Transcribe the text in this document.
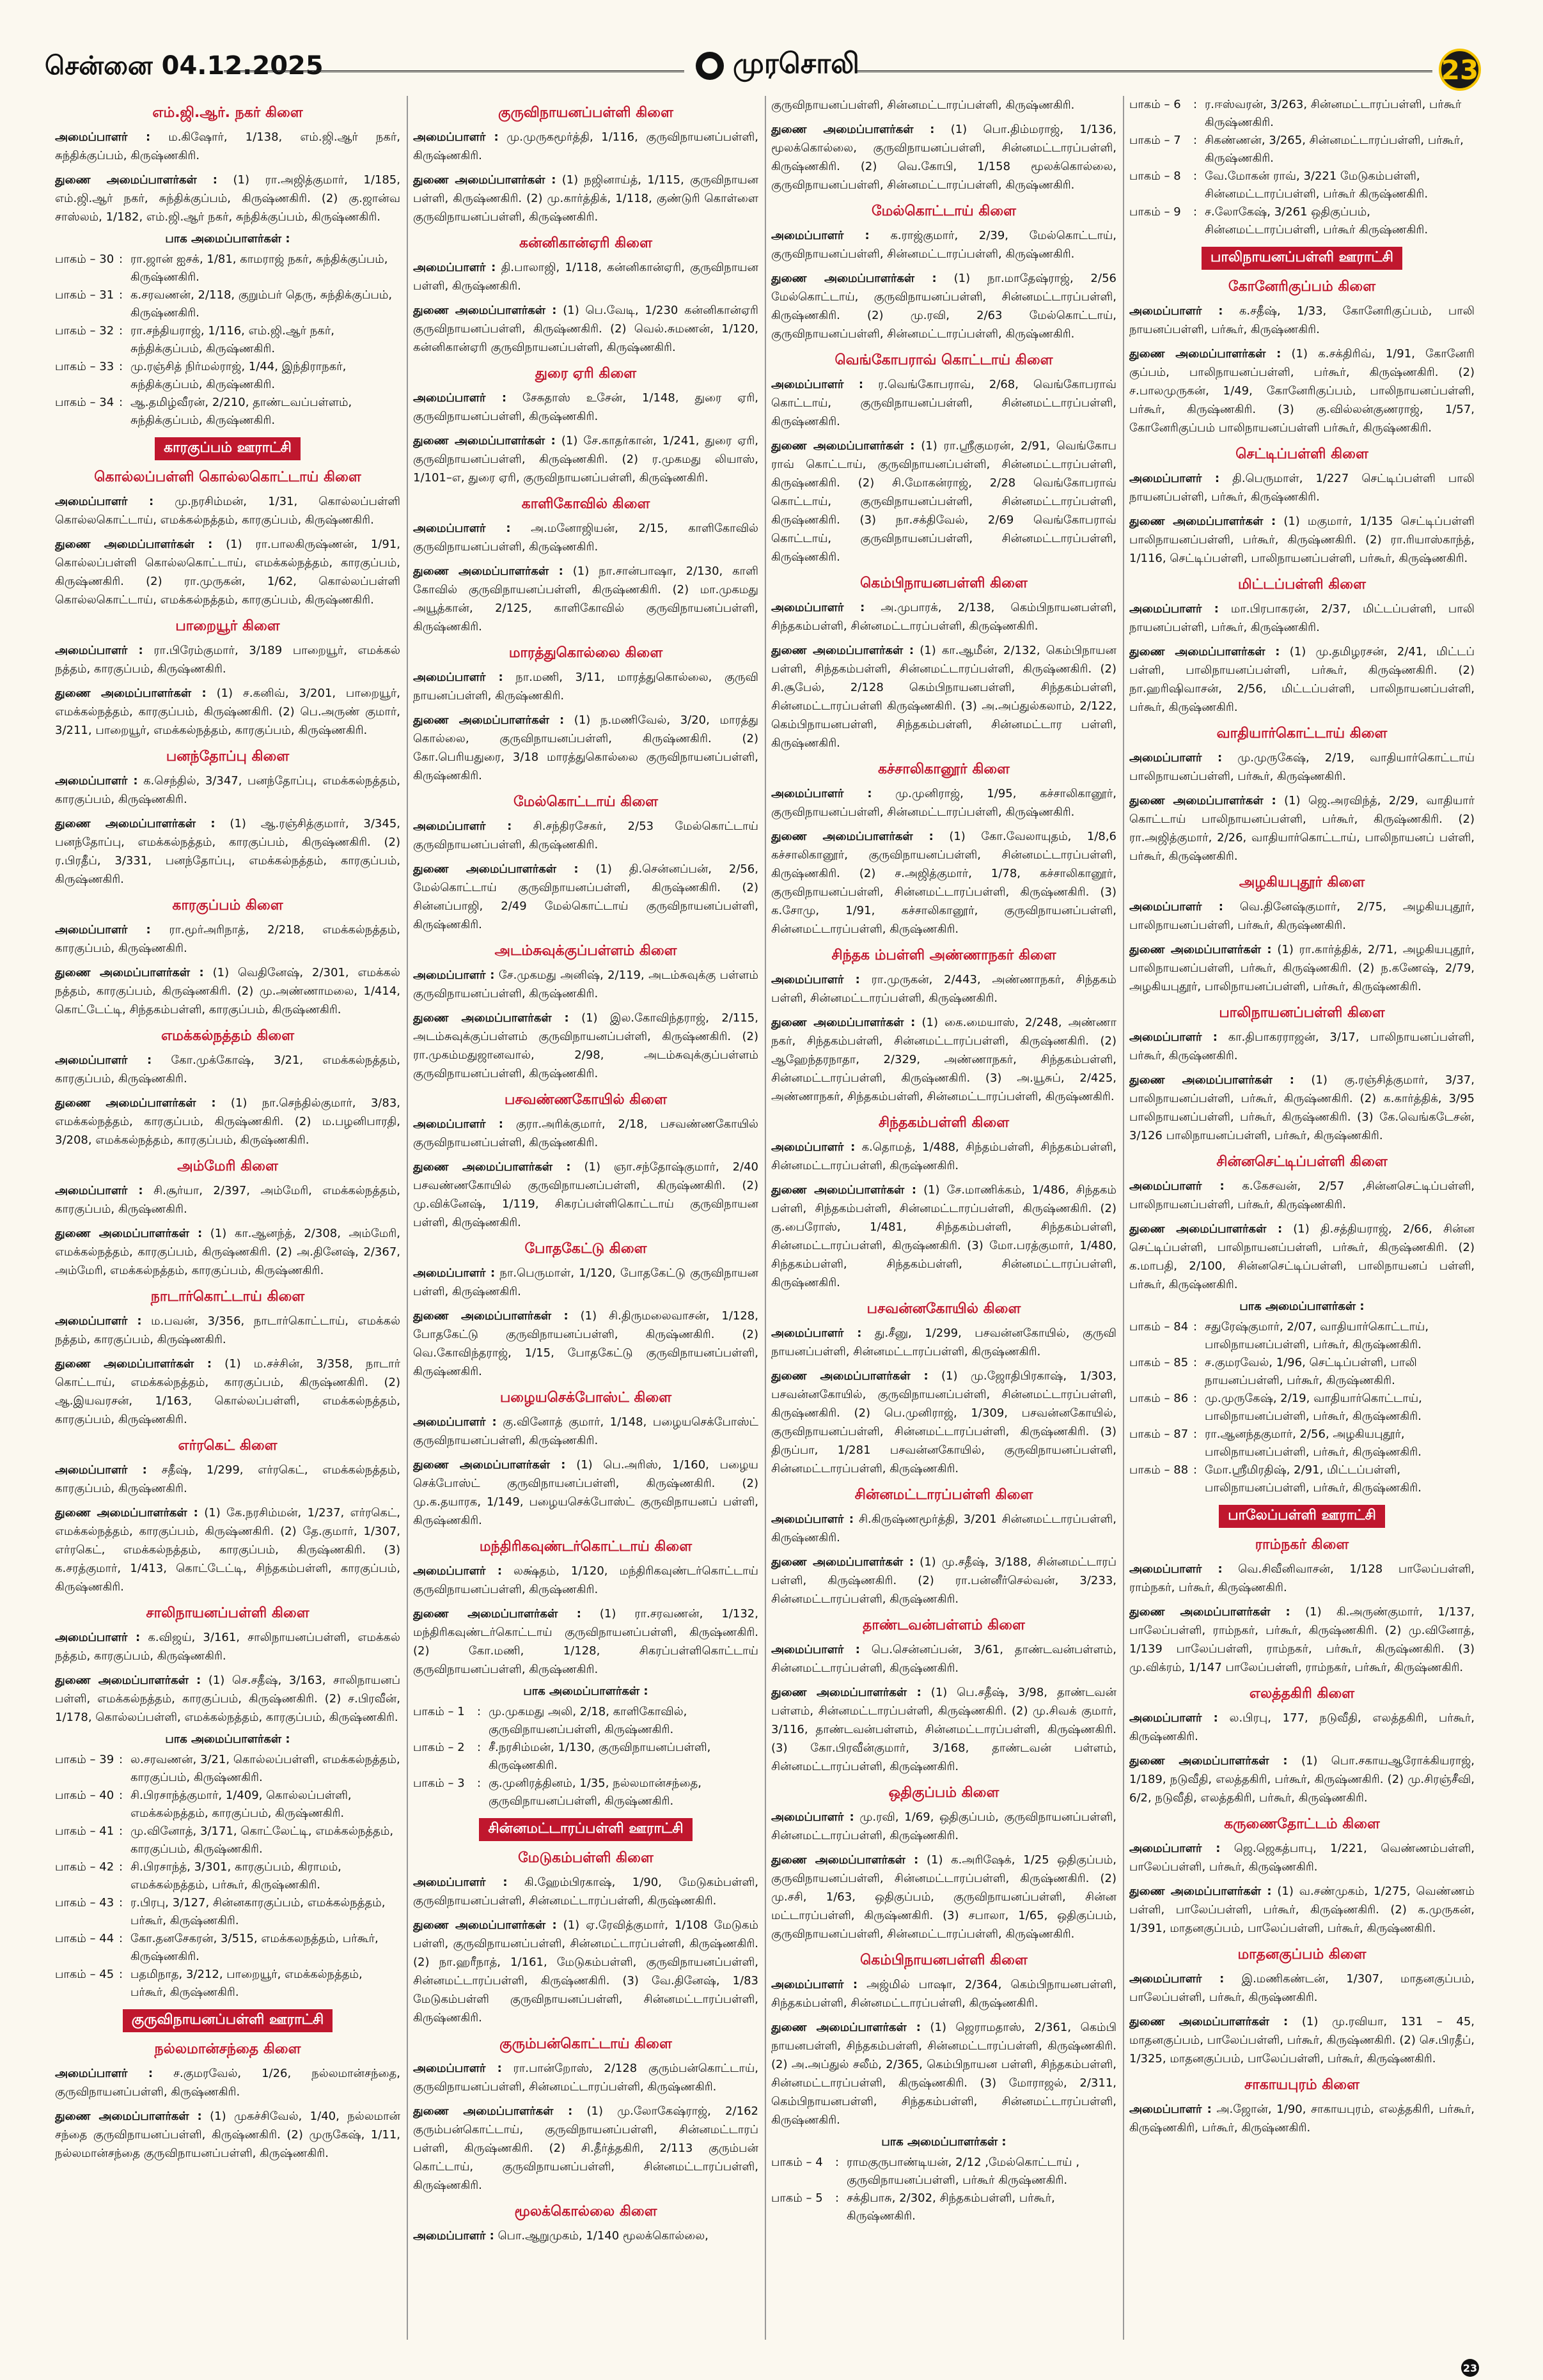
சென்னை 04.12.2025	முரசொலி	23
எம்.ஜி.ஆர். நகர் கிளை

அமைப்பாளர் : ம.கிஷோர், 1/138, எம்.ஜி.ஆர் நகர், சுந்திக்குப்பம், கிருஷ்ணகிரி.

துணை அமைப்பாளர்கள் : (1) ரா.அஜித்குமார், 1/185, எம்.ஜி.ஆர் நகர், சுந்திக்குப்பம், கிருஷ்ணகிரி. (2) கு.ஜான்வ சாஸ்லம், 1/182, எம்.ஜி.ஆர் நகர், சுந்திக்குப்பம், கிருஷ்ணகிரி.

பாக அமைப்பாளர்கள் :
பாகம் – 30	:	ரா.ஜான் ஐசக், 1/81, காமராஜ் நகர், சுந்திக்குப்பம், கிருஷ்ணகிரி.
பாகம் – 31	:	க.சரவணன், 2/118, குறும்பர் தெரு, சுந்திக்குப்பம், கிருஷ்ணகிரி.
பாகம் – 32	:	ரா.சந்தியராஜ், 1/116, எம்.ஜி.ஆர் நகர், சுந்திக்குப்பம், கிருஷ்ணகிரி.
பாகம் – 33	:	மு.ரஞ்சித் நிர்மல்ராஜ், 1/44, இந்திராநகர், சுந்திக்குப்பம், கிருஷ்ணகிரி.
பாகம் – 34	:	ஆ.தமிழ்வீரன், 2/210, தாண்டவப்பள்ளம், சுந்திக்குப்பம், கிருஷ்ணகிரி.
காரகுப்பம் ஊராட்சி
கொல்லப்பள்ளி கொல்லகொட்டாய் கிளை

அமைப்பாளர் : மு.நரசிம்மன், 1/31, கொல்லப்பள்ளி கொல்லகொட்டாய், எமக்கல்நத்தம், காரகுப்பம், கிருஷ்ணகிரி.

துணை அமைப்பாளர்கள் : (1) ரா.பாலகிருஷ்ணன், 1/91, கொல்லப்பள்ளி கொல்லகொட்டாய், எமக்கல்நத்தம், காரகுப்பம், கிருஷ்ணகிரி. (2) ரா.முருகன், 1/62, கொல்லப்பள்ளி கொல்லகொட்டாய், எமக்கல்நத்தம், காரகுப்பம், கிருஷ்ணகிரி.

பாறையூர் கிளை

அமைப்பாளர் : ரா.பிரேம்குமார், 3/189 பாறையூர், எமக்கல் நத்தம், காரகுப்பம், கிருஷ்ணகிரி.

துணை அமைப்பாளர்கள் : (1) ச.கனிவ், 3/201, பாறையூர், எமக்கல்நத்தம், காரகுப்பம், கிருஷ்ணகிரி. (2) பெ.அருண் குமார், 3/211, பாறையூர், எமக்கல்நத்தம், காரகுப்பம், கிருஷ்ணகிரி.

பனந்தோப்பு கிளை

அமைப்பாளர் : க.செந்தில், 3/347, பனந்தோப்பு, எமக்கல்நத்தம், காரகுப்பம், கிருஷ்ணகிரி.

துணை அமைப்பாளர்கள் : (1) ஆ.ரஞ்சித்குமார், 3/345, பனந்தோப்பு, எமக்கல்நத்தம், காரகுப்பம், கிருஷ்ணகிரி. (2) ர.பிரதீப், 3/331, பனந்தோப்பு, எமக்கல்நத்தம், காரகுப்பம், கிருஷ்ணகிரி.

காரகுப்பம் கிளை

அமைப்பாளர் : ரா.மூர்அரிநாத், 2/218, எமக்கல்நத்தம், காரகுப்பம், கிருஷ்ணகிரி.

துணை அமைப்பாளர்கள் : (1) வெதினேஷ், 2/301, எமக்கல் நத்தம், காரகுப்பம், கிருஷ்ணகிரி. (2) மு.அண்ணாமலை, 1/414, கொட்டேட்டி, சிந்தகம்பள்ளி, காரகுப்பம், கிருஷ்ணகிரி.

எமக்கல்நத்தம் கிளை

அமைப்பாளர் : கோ.முக்கோஷ், 3/21, எமக்கல்நத்தம், காரகுப்பம், கிருஷ்ணகிரி.

துணை அமைப்பாளர்கள் : (1) நா.செந்தில்குமார், 3/83, எமக்கல்நத்தம், காரகுப்பம், கிருஷ்ணகிரி. (2) ம.பழனிபாரதி, 3/208, எமக்கல்நத்தம், காரகுப்பம், கிருஷ்ணகிரி.

அம்மேரி கிளை

அமைப்பாளர் : சி.சூர்யா, 2/397, அம்மேரி, எமக்கல்நத்தம், காரகுப்பம், கிருஷ்ணகிரி.

துணை அமைப்பாளர்கள் : (1) கா.ஆனந்த், 2/308, அம்மேரி, எமக்கல்நத்தம், காரகுப்பம், கிருஷ்ணகிரி. (2) அ.தினேஷ், 2/367, அம்மேரி, எமக்கல்நத்தம், காரகுப்பம், கிருஷ்ணகிரி.

நாடார்கொட்டாய் கிளை

அமைப்பாளர் : ம.பவன், 3/356, நாடார்கொட்டாய், எமக்கல் நத்தம், காரகுப்பம், கிருஷ்ணகிரி.

துணை அமைப்பாளர்கள் : (1) ம.சச்சின், 3/358, நாடார் கொட்டாய், எமக்கல்நத்தம், காரகுப்பம், கிருஷ்ணகிரி. (2) ஆ.இயவரசன், 1/163, கொல்லப்பள்ளி, எமக்கல்நத்தம், காரகுப்பம், கிருஷ்ணகிரி.

எர்ரகெட் கிளை

அமைப்பாளர் : சதீஷ், 1/299, எர்ரகெட், எமக்கல்நத்தம், காரகுப்பம், கிருஷ்ணகிரி.

துணை அமைப்பாளர்கள் : (1) கே.நரசிம்மன், 1/237, எர்ரகெட், எமக்கல்நத்தம், காரகுப்பம், கிருஷ்ணகிரி. (2) தே.குமார், 1/307, எர்ரகெட், எமக்கல்நத்தம், காரகுப்பம், கிருஷ்ணகிரி. (3) க.சரத்குமார், 1/413, கொட்டேட்டி, சிந்தகம்பள்ளி, காரகுப்பம், கிருஷ்ணகிரி.

சாலிநாயனப்பள்ளி கிளை

அமைப்பாளர் : க.விஜய், 3/161, சாலிநாயனப்பள்ளி, எமக்கல் நத்தம், காரகுப்பம், கிருஷ்ணகிரி.

துணை அமைப்பாளர்கள் : (1) செ.சதீஷ், 3/163, சாலிநாயனப் பள்ளி, எமக்கல்நத்தம், காரகுப்பம், கிருஷ்ணகிரி. (2) ச.பிரவீன், 1/178, கொல்லப்பள்ளி, எமக்கல்நத்தம், காரகுப்பம், கிருஷ்ணகிரி.

பாக அமைப்பாளர்கள் :
பாகம் – 39	:	ல.சரவணன், 3/21, கொல்லப்பள்ளி, எமக்கல்நத்தம், காரகுப்பம், கிருஷ்ணகிரி.
பாகம் – 40	:	சி.பிரசாந்த்குமார், 1/409, கொல்லப்பள்ளி, எமக்கல்நத்தம், காரகுப்பம், கிருஷ்ணகிரி.
பாகம் – 41	:	மு.வினோத், 3/171, கொட்லேட்டி, எமக்கல்நத்தம், காரகுப்பம், கிருஷ்ணகிரி.
பாகம் – 42	:	சி.பிரசாந்த், 3/301, காரகுப்பம், கிராமம், எமக்கல்நத்தம், பர்கூர், கிருஷ்ணகிரி.
பாகம் – 43	:	ர.பிரபு, 3/127, சின்னகாரகுப்பம், எமக்கல்நத்தம், பர்கூர், கிருஷ்ணகிரி.
பாகம் – 44	:	கோ.தனசேகரன், 3/515, எமக்கலநத்தம், பர்கூர், கிருஷ்ணகிரி.
பாகம் – 45	:	பதமிநாத, 3/212, பாறையூர், எமக்கல்நத்தம், பர்கூர், கிருஷ்ணகிரி.
குருவிநாயனப்பள்ளி ஊராட்சி
நல்லமான்சந்தை கிளை

அமைப்பாளர் : ச.குமரவேல், 1/26, நல்லமான்சந்தை, குருவிநாயனப்பள்ளி, கிருஷ்ணகிரி.

துணை அமைப்பாளர்கள் : (1) முகச்சிவேல், 1/40, நல்லமான் சந்தை குருவிநாயனப்பள்ளி, கிருஷ்ணகிரி. (2) முருகேஷ், 1/11, நல்லமான்சந்தை குருவிநாயனப்பள்ளி, கிருஷ்ணகிரி.

குருவிநாயனப்பள்ளி கிளை

அமைப்பாளர் : மு.முருகமூர்த்தி, 1/116, குருவிநாயனப்பள்ளி, கிருஷ்ணகிரி.

துணை அமைப்பாளர்கள் : (1) நஜினாய்த், 1/115, குருவிநாயன பள்ளி, கிருஷ்ணகிரி. (2) மு.கார்த்திக், 1/118, குண்டுரி கொள்ளை குருவிநாயனப்பள்ளி, கிருஷ்ணகிரி.

கன்னிகான்ஏரி கிளை

அமைப்பாளர் : தி.பாலாஜி, 1/118, கன்னிகான்ஏரி, குருவிநாயன பள்ளி, கிருஷ்ணகிரி.

துணை அமைப்பாளர்கள் : (1) பெ.வேடி, 1/230 கன்னிகான்ஏரி குருவிநாயனப்பள்ளி, கிருஷ்ணகிரி. (2) வெல்.சுமணன், 1/120, கன்னிகான்ஏரி குருவிநாயனப்பள்ளி, கிருஷ்ணகிரி.

துரை ஏரி கிளை

அமைப்பாளர் : சேசுதாஸ் உசேன், 1/148, துரை ஏரி, குருவிநாயனப்பள்ளி, கிருஷ்ணகிரி.

துணை அமைப்பாளர்கள் : (1) சே.காதர்கான், 1/241, துரை ஏரி, குருவிநாயனப்பள்ளி, கிருஷ்ணகிரி. (2) ர.முகமது லியாஸ், 1/101–எ, துரை ஏரி, குருவிநாயனப்பள்ளி, கிருஷ்ணகிரி.

காளிகோவில் கிளை

அமைப்பாளர் : அ.மனோஜியன், 2/15, காளிகோவில் குருவிநாயனப்பள்ளி, கிருஷ்ணகிரி.

துணை அமைப்பாளர்கள் : (1) நா.சான்பாஷா, 2/130, காளி கோவில் குருவிநாயனப்பள்ளி, கிருஷ்ணகிரி. (2) மா.முகமது அயூத்கான், 2/125, காளிகோவில் குருவிநாயனப்பள்ளி, கிருஷ்ணகிரி.

மாரத்துகொல்லை கிளை

அமைப்பாளர் : நா.மணி, 3/11, மாரத்துகொல்லை, குருவி நாயனப்பள்ளி, கிருஷ்ணகிரி.

துணை அமைப்பாளர்கள் : (1) ந.மணிவேல், 3/20, மாரத்து கொல்லை, குருவிநாயனப்பள்ளி, கிருஷ்ணகிரி. (2) கோ.பெரியதுரை, 3/18 மாரத்துகொல்லை குருவிநாயனப்பள்ளி, கிருஷ்ணகிரி.

மேல்கொட்டாய் கிளை

அமைப்பாளர் : சி.சந்திரசேகர், 2/53 மேல்கொட்டாய் குருவிநாயனப்பள்ளி, கிருஷ்ணகிரி.

துணை அமைப்பாளர்கள் : (1) தி.சென்னப்பன், 2/56, மேல்கொட்டாய் குருவிநாயனப்பள்ளி, கிருஷ்ணகிரி. (2) சின்னப்பாஜி, 2/49 மேல்கொட்டாய் குருவிநாயனப்பள்ளி, கிருஷ்ணகிரி.

அடம்சுவுக்குப்பள்ளம் கிளை

அமைப்பாளர் : சே.முகமது அனிஷ், 2/119, அடம்சுவுக்கு பள்ளம் குருவிநாயனப்பள்ளி, கிருஷ்ணகிரி.

துணை அமைப்பாளர்கள் : (1) இல.கோவிந்தராஜ், 2/115, அடம்சுவுக்குப்பள்ளம் குருவிநாயனப்பள்ளி, கிருஷ்ணகிரி. (2) ரா.முகம்மதுஜானவால், 2/98, அடம்சுவுக்குப்பள்ளம் குருவிநாயனப்பள்ளி, கிருஷ்ணகிரி.

பசவண்ணகோயில் கிளை

அமைப்பாளர் : குரா.அரிக்குமார், 2/18, பசவண்ணகோயில் குருவிநாயனப்பள்ளி, கிருஷ்ணகிரி.

துணை அமைப்பாளர்கள் : (1) ஞா.சந்தோஷ்குமார், 2/40 பசவண்ணகோயில் குருவிநாயனப்பள்ளி, கிருஷ்ணகிரி. (2) மு.விக்னேஷ், 1/119, சிகரப்பள்ளிகொட்டாய் குருவிநாயன பள்ளி, கிருஷ்ணகிரி.

போதகேட்டு கிளை

அமைப்பாளர் : நா.பெருமாள், 1/120, போதகேட்டு குருவிநாயன பள்ளி, கிருஷ்ணகிரி.

துணை அமைப்பாளர்கள் : (1) சி.திருமலைவாசன், 1/128, போதகேட்டு குருவிநாயனப்பள்ளி, கிருஷ்ணகிரி. (2) வெ.கோவிந்தராஜ், 1/15, போதகேட்டு குருவிநாயனப்பள்ளி, கிருஷ்ணகிரி.

பழையசெக்போஸ்ட் கிளை

அமைப்பாளர் : கு.வினோத் குமார், 1/148, பழையசெக்போஸ்ட் குருவிநாயனப்பள்ளி, கிருஷ்ணகிரி.

துணை அமைப்பாளர்கள் : (1) பெ.அரிஸ், 1/160, பழைய செக்போஸ்ட் குருவிநாயனப்பள்ளி, கிருஷ்ணகிரி. (2) மு.க.தயாரக, 1/149, பழையசெக்போஸ்ட் குருவிநாயனப் பள்ளி, கிருஷ்ணகிரி.

மந்திரிகவுண்டர்கொட்டாய் கிளை

அமைப்பாளர் : லக்ஷ்தம், 1/120, மந்திரிகவுண்டர்கொட்டாய் குருவிநாயனப்பள்ளி, கிருஷ்ணகிரி.

துணை அமைப்பாளர்கள் : (1) ரா.சரவணன், 1/132, மந்திரிகவுண்டர்கொட்டாய் குருவிநாயனப்பள்ளி, கிருஷ்ணகிரி. (2) கோ.மணி, 1/128, சிகரப்பள்ளிகொட்டாய் குருவிநாயனப்பள்ளி, கிருஷ்ணகிரி.

பாக அமைப்பாளர்கள் :
பாகம் – 1	:	மு.முகமது அலி, 2/18, காளிகோவில், குருவிநாயனப்பள்ளி, கிருஷ்ணகிரி.
பாகம் – 2	:	சீ.நரசிம்மன், 1/130, குருவிநாயனப்பள்ளி, கிருஷ்ணகிரி.
பாகம் – 3	:	கு.முனிரத்தினம், 1/35, நல்லமான்சந்தை, குருவிநாயனப்பள்ளி, கிருஷ்ணகிரி.
சின்னமட்டாரப்பள்ளி ஊராட்சி
மேடுகம்பள்ளி கிளை

அமைப்பாளர் : கி.ஹேம்பிரகாஷ், 1/90, மேடுகம்பள்ளி, குருவிநாயனப்பள்ளி, சின்னமட்டாரப்பள்ளி, கிருஷ்ணகிரி.

துணை அமைப்பாளர்கள் : (1) ஏ.ரேவித்குமார், 1/108 மேடுகம் பள்ளி, குருவிநாயனப்பள்ளி, சின்னமட்டாரப்பள்ளி, கிருஷ்ணகிரி. (2) நா.ஹரீநாத், 1/161, மேடுகம்பள்ளி, குருவிநாயனப்பள்ளி, சின்னமட்டாரப்பள்ளி, கிருஷ்ணகிரி. (3) வே.தினேஷ், 1/83 மேடுகம்பள்ளி குருவிநாயனப்பள்ளி, சின்னமட்டாரப்பள்ளி, கிருஷ்ணகிரி.

குரும்பன்கொட்டாய் கிளை

அமைப்பாளர் : ரா.பான்றோஸ், 2/128 குரும்பன்கொட்டாய், குருவிநாயனப்பள்ளி, சின்னமட்டாரப்பள்ளி, கிருஷ்ணகிரி.

துணை அமைப்பாளர்கள் : (1) மு.லோகேஷ்ராஜ், 2/162 குரும்பன்கொட்டாய், குருவிநாயனப்பள்ளி, சின்னமட்டாரப் பள்ளி, கிருஷ்ணகிரி. (2) சி.தீர்த்தகிரி, 2/113 குரும்பன் கொட்டாய், குருவிநாயனப்பள்ளி, சின்னமட்டாரப்பள்ளி, கிருஷ்ணகிரி.

மூலக்கொல்லை கிளை

அமைப்பாளர் : பொ.ஆறுமுகம், 1/140 மூலக்கொல்லை,

குருவிநாயனப்பள்ளி, சின்னமட்டாரப்பள்ளி, கிருஷ்ணகிரி.

துணை அமைப்பாளர்கள் : (1) பொ.திம்மராஜ், 1/136, மூலக்கொல்லை, குருவிநாயனப்பள்ளி, சின்னமட்டாரப்பள்ளி, கிருஷ்ணகிரி. (2) வெ.கோபி, 1/158 மூலக்கொல்லை, குருவிநாயனப்பள்ளி, சின்னமட்டாரப்பள்ளி, கிருஷ்ணகிரி.

மேல்கொட்டாய் கிளை

அமைப்பாளர் : க.ராஜ்குமார், 2/39, மேல்கொட்டாய், குருவிநாயனப்பள்ளி, சின்னமட்டாரப்பள்ளி, கிருஷ்ணகிரி.

துணை அமைப்பாளர்கள் : (1) நா.மாதேஷ்ராஜ், 2/56 மேல்கொட்டாய், குருவிநாயனப்பள்ளி, சின்னமட்டாரப்பள்ளி, கிருஷ்ணகிரி. (2) மு.ரவி, 2/63 மேல்கொட்டாய், குருவிநாயனப்பள்ளி, சின்னமட்டாரப்பள்ளி, கிருஷ்ணகிரி.

வெங்கோபராவ் கொட்டாய் கிளை

அமைப்பாளர் : ர.வெங்கோபராவ், 2/68, வெங்கோபராவ் கொட்டாய், குருவிநாயனப்பள்ளி, சின்னமட்டாரப்பள்ளி, கிருஷ்ணகிரி.

துணை அமைப்பாளர்கள் : (1) ரா.ஸ்ரீகுமரன், 2/91, வெங்கோப ராவ் கொட்டாய், குருவிநாயனப்பள்ளி, சின்னமட்டாரப்பள்ளி, கிருஷ்ணகிரி. (2) சி.மோகன்ராஜ், 2/28 வெங்கோபராவ் கொட்டாய், குருவிநாயனப்பள்ளி, சின்னமட்டாரப்பள்ளி, கிருஷ்ணகிரி. (3) நா.சக்திவேல், 2/69 வெங்கோபராவ் கொட்டாய், குருவிநாயனப்பள்ளி, சின்னமட்டாரப்பள்ளி, கிருஷ்ணகிரி.

கெம்பிநாயனபள்ளி கிளை

அமைப்பாளர் : அ.முபாரக், 2/138, கெம்பிநாயனபள்ளி, சிந்தகம்பள்ளி, சின்னமட்டாரப்பள்ளி, கிருஷ்ணகிரி.

துணை அமைப்பாளர்கள் : (1) கா.ஆமீன், 2/132, கெம்பிநாயன பள்ளி, சிந்தகம்பள்ளி, சின்னமட்டாரப்பள்ளி, கிருஷ்ணகிரி. (2) சி.சூபேல், 2/128 கெம்பிநாயனபள்ளி, சிந்தகம்பள்ளி, சின்னமட்டாரப்பள்ளி கிருஷ்ணகிரி. (3) அ.அப்துல்கலாம், 2/122, கெம்பிநாயனபள்ளி, சிந்தகம்பள்ளி, சின்னமட்டார பள்ளி, கிருஷ்ணகிரி.

கச்சாலிகானூர் கிளை

அமைப்பாளர் : மு.முனிராஜ், 1/95, கச்சாலிகானூர், குருவிநாயனப்பள்ளி, சின்னமட்டாரப்பள்ளி, கிருஷ்ணகிரி.

துணை அமைப்பாளர்கள் : (1) கோ.வேலாயுதம், 1/8,6 கச்சாலிகானூர், குருவிநாயனப்பள்ளி, சின்னமட்டாரப்பள்ளி, கிருஷ்ணகிரி. (2) ச.அஜித்குமார், 1/78, கச்சாலிகானூர், குருவிநாயனப்பள்ளி, சின்னமட்டாரப்பள்ளி, கிருஷ்ணகிரி. (3) க.சோமு, 1/91, கச்சாலிகானூர், குருவிநாயனப்பள்ளி, சின்னமட்டாரப்பள்ளி, கிருஷ்ணகிரி.

சிந்தக ம்பள்ளி அண்ணாநகர் கிளை

அமைப்பாளர் : ரா.முருகன், 2/443, அண்ணாநகர், சிந்தகம் பள்ளி, சின்னமட்டாரப்பள்ளி, கிருஷ்ணகிரி.

துணை அமைப்பாளர்கள் : (1) கை.மையாஸ், 2/248, அண்ணா நகர், சிந்தகம்பள்ளி, சின்னமட்டாரப்பள்ளி, கிருஷ்ணகிரி. (2) ஆஹேந்தரநாதா, 2/329, அண்ணாநகர், சிந்தகம்பள்ளி, சின்னமட்டாரப்பள்ளி, கிருஷ்ணகிரி. (3) அ.யூசுப், 2/425, அண்ணாநகர், சிந்தகம்பள்ளி, சின்னமட்டாரப்பள்ளி, கிருஷ்ணகிரி.

சிந்தகம்பள்ளி கிளை

அமைப்பாளர் : க.தொமத், 1/488, சிந்தம்பள்ளி, சிந்தகம்பள்ளி, சின்னமட்டாரப்பள்ளி, கிருஷ்ணகிரி.

துணை அமைப்பாளர்கள் : (1) சே.மாணிக்கம், 1/486, சிந்தகம் பள்ளி, சிந்தகம்பள்ளி, சின்னமட்டாரப்பள்ளி, கிருஷ்ணகிரி. (2) கு.பைரோஸ், 1/481, சிந்தகம்பள்ளி, சிந்தகம்பள்ளி, சின்னமட்டாரப்பள்ளி, கிருஷ்ணகிரி. (3) மோ.பரத்குமார், 1/480, சிந்தகம்பள்ளி, சிந்தகம்பள்ளி, சின்னமட்டாரப்பள்ளி, கிருஷ்ணகிரி.

பசவன்னகோயில் கிளை

அமைப்பாளர் : து.சீனு, 1/299, பசவன்னகோயில், குருவி நாயனப்பள்ளி, சின்னமட்டாரப்பள்ளி, கிருஷ்ணகிரி.

துணை அமைப்பாளர்கள் : (1) மு.ஜோதிபிரகாஷ், 1/303, பசவன்னகோயில், குருவிநாயனப்பள்ளி, சின்னமட்டாரப்பள்ளி, கிருஷ்ணகிரி. (2) பெ.முனிராஜ், 1/309, பசவன்னகோயில், குருவிநாயனப்பள்ளி, சின்னமட்டாரப்பள்ளி, கிருஷ்ணகிரி. (3) திருப்பா, 1/281 பசவன்னகோயில், குருவிநாயனப்பள்ளி, சின்னமட்டாரப்பள்ளி, கிருஷ்ணகிரி.

சின்னமட்டாரப்பள்ளி கிளை

அமைப்பாளர் : சி.கிருஷ்ணமூர்த்தி, 3/201 சின்னமட்டாரப்பள்ளி, கிருஷ்ணகிரி.

துணை அமைப்பாளர்கள் : (1) மு.சதீஷ், 3/188, சின்னமட்டாரப் பள்ளி, கிருஷ்ணகிரி. (2) ரா.பன்னீர்செல்வன், 3/233, சின்னமட்டாரப்பள்ளி, கிருஷ்ணகிரி.

தாண்டவன்பள்ளம் கிளை

அமைப்பாளர் : பெ.சென்னப்பன், 3/61, தாண்டவன்பள்ளம், சின்னமட்டாரப்பள்ளி, கிருஷ்ணகிரி.

துணை அமைப்பாளர்கள் : (1) பெ.சதீஷ், 3/98, தாண்டவன் பள்ளம், சின்னமட்டாரப்பள்ளி, கிருஷ்ணகிரி. (2) மு.சிவக் குமார், 3/116, தாண்டவன்பள்ளம், சின்னமட்டாரப்பள்ளி, கிருஷ்ணகிரி. (3) கோ.பிரவீன்குமார், 3/168, தாண்டவன் பள்ளம், சின்னமட்டாரப்பள்ளி, கிருஷ்ணகிரி.

ஒதிகுப்பம் கிளை

அமைப்பாளர் : மு.ரவி, 1/69, ஒதிகுப்பம், குருவிநாயனப்பள்ளி, சின்னமட்டாரப்பள்ளி, கிருஷ்ணகிரி.

துணை அமைப்பாளர்கள் : (1) க.அரிஷேக், 1/25 ஒதிகுப்பம், குருவிநாயனப்பள்ளி, சின்னமட்டாரப்பள்ளி, கிருஷ்ணகிரி. (2) மு.சசி, 1/63, ஒதிகுப்பம், குருவிநாயனப்பள்ளி, சின்ன மட்டாரப்பள்ளி, கிருஷ்ணகிரி. (3) சபாலா, 1/65, ஒதிகுப்பம், குருவிநாயனப்பள்ளி, சின்னமட்டாரப்பள்ளி, கிருஷ்ணகிரி.

கெம்பிநாயனபள்ளி கிளை

அமைப்பாளர் : அஜ்மில் பாஷா, 2/364, கெம்பிநாயனபள்ளி, சிந்தகம்பள்ளி, சின்னமட்டாரப்பள்ளி, கிருஷ்ணகிரி.

துணை அமைப்பாளர்கள் : (1) ஜெராமதாஸ், 2/361, கெம்பி நாயனபள்ளி, சிந்தகம்பள்ளி, சின்னமட்டாரப்பள்ளி, கிருஷ்ணகிரி. (2) அ.அப்துல் சலீம், 2/365, கெம்பிநாயன பள்ளி, சிந்தகம்பள்ளி, சின்னமட்டாரப்பள்ளி, கிருஷ்ணகிரி. (3) மோராஜல், 2/311, கெம்பிநாயனபள்ளி, சிந்தகம்பள்ளி, சின்னமட்டாரப்பள்ளி, கிருஷ்ணகிரி.

பாக அமைப்பாளர்கள் :
பாகம் – 4	:	ராமகுருபாண்டியன், 2/12 ,மேல்கொட்டாய் , குருவிநாயனப்பள்ளி, பர்கூர் கிருஷ்ணகிரி.
பாகம் – 5	:	சக்திபாசு, 2/302, சிந்தகம்பள்ளி, பர்கூர், கிருஷ்ணகிரி.
பாகம் – 6	:	ர.ஈஸ்வரன், 3/263, சின்னமட்டாரப்பள்ளி, பர்கூர் கிருஷ்ணகிரி.
பாகம் – 7	:	சிகண்ணன், 3/265, சின்னமட்டாரப்பள்ளி, பர்கூர், கிருஷ்ணகிரி.
பாகம் – 8	:	வே.மோகன் ராவ், 3/221 மேடுகம்பள்ளி, சின்னமட்டாரப்பள்ளி, பர்கூர் கிருஷ்ணகிரி.
பாகம் – 9	:	ச.லோகேஷ், 3/261 ஒதிகுப்பம், சின்னமட்டாரப்பள்ளி, பர்கூர் கிருஷ்ணகிரி.
பாலிநாயனப்பள்ளி ஊராட்சி
கோனேரிகுப்பம் கிளை

அமைப்பாளர் : க.சதீஷ், 1/33, கோனேரிகுப்பம், பாலி நாயனப்பள்ளி, பர்கூர், கிருஷ்ணகிரி.

துணை அமைப்பாளர்கள் : (1) க.சக்திரிவ், 1/91, கோனேரி குப்பம், பாலிநாயனப்பள்ளி, பர்கூர், கிருஷ்ணகிரி. (2) ச.பாலமுருகன், 1/49, கோனேரிகுப்பம், பாலிநாயனப்பள்ளி, பர்கூர், கிருஷ்ணகிரி. (3) கு.வில்லன்குணராஜ், 1/57, கோனேரிகுப்பம் பாலிநாயனப்பள்ளி பர்கூர், கிருஷ்ணகிரி.

செட்டிப்பள்ளி கிளை

அமைப்பாளர் : தி.பெருமாள், 1/227 செட்டிப்பள்ளி பாலி நாயனப்பள்ளி, பர்கூர், கிருஷ்ணகிரி.

துணை அமைப்பாளர்கள் : (1) மகுமார், 1/135 செட்டிப்பள்ளி பாலிநாயனப்பள்ளி, பர்கூர், கிருஷ்ணகிரி. (2) ரா.ரியாஸ்காந்த், 1/116, செட்டிப்பள்ளி, பாலிநாயனப்பள்ளி, பர்கூர், கிருஷ்ணகிரி.

மிட்டப்பள்ளி கிளை

அமைப்பாளர் : மா.பிரபாகரன், 2/37, மிட்டப்பள்ளி, பாலி நாயனப்பள்ளி, பர்கூர், கிருஷ்ணகிரி.

துணை அமைப்பாளர்கள் : (1) மு.தமிழரசன், 2/41, மிட்டப் பள்ளி, பாலிநாயனப்பள்ளி, பர்கூர், கிருஷ்ணகிரி. (2) நா.ஹரிஷிவாசன், 2/56, மிட்டப்பள்ளி, பாலிநாயனப்பள்ளி, பர்கூர், கிருஷ்ணகிரி.

வாதியார்கொட்டாய் கிளை

அமைப்பாளர் : மு.முருகேஷ், 2/19, வாதியார்கொட்டாய் பாலிநாயனப்பள்ளி, பர்கூர், கிருஷ்ணகிரி.

துணை அமைப்பாளர்கள் : (1) ஜெ.அரவிந்த், 2/29, வாதியார் கொட்டாய் பாலிநாயனப்பள்ளி, பர்கூர், கிருஷ்ணகிரி. (2) ரா.அஜித்குமார், 2/26, வாதியார்கொட்டாய், பாலிநாயனப் பள்ளி, பர்கூர், கிருஷ்ணகிரி.

அழகியபுதூர் கிளை

அமைப்பாளர் : வெ.தினேஷ்குமார், 2/75, அழகியபுதூர், பாலிநாயனப்பள்ளி, பர்கூர், கிருஷ்ணகிரி.

துணை அமைப்பாளர்கள் : (1) ரா.கார்த்திக், 2/71, அழகியபுதூர், பாலிநாயனப்பள்ளி, பர்கூர், கிருஷ்ணகிரி. (2) ந.கணேஷ், 2/79, அழகியபுதூர், பாலிநாயனப்பள்ளி, பர்கூர், கிருஷ்ணகிரி.

பாலிநாயனப்பள்ளி கிளை

அமைப்பாளர் : கா.திபாகரராஜன், 3/17, பாலிநாயனப்பள்ளி, பர்கூர், கிருஷ்ணகிரி.

துணை அமைப்பாளர்கள் : (1) கு.ரஞ்சித்குமார், 3/37, பாலிநாயனப்பள்ளி, பர்கூர், கிருஷ்ணகிரி. (2) க.கார்த்திக், 3/95 பாலிநாயனப்பள்ளி, பர்கூர், கிருஷ்ணகிரி. (3) கே.வெங்கடேசன், 3/126 பாலிநாயனப்பள்ளி, பர்கூர், கிருஷ்ணகிரி.

சின்னசெட்டிப்பள்ளி கிளை

அமைப்பாளர் : க.கேசவன், 2/57 ,சின்னசெட்டிப்பள்ளி, பாலிநாயனப்பள்ளி, பர்கூர், கிருஷ்ணகிரி.

துணை அமைப்பாளர்கள் : (1) தி.சத்தியராஜ், 2/66, சின்ன செட்டிப்பள்ளி, பாலிநாயனப்பள்ளி, பர்கூர், கிருஷ்ணகிரி. (2) க.மாபதி, 2/100, சின்னசெட்டிப்பள்ளி, பாலிநாயனப் பள்ளி, பர்கூர், கிருஷ்ணகிரி.

பாக அமைப்பாளர்கள் :
பாகம் – 84	:	சதுரேஷ்குமார், 2/07, வாதியார்கொட்டாய், பாலிநாயனப்பள்ளி, பர்கூர், கிருஷ்ணகிரி.
பாகம் – 85	:	ச.குமரவேல், 1/96, செட்டிப்பள்ளி, பாலி நாயனப்பள்ளி, பர்கூர், கிருஷ்ணகிரி.
பாகம் – 86	:	மு.முருகேஷ், 2/19, வாதியார்கொட்டாய், பாலிநாயனப்பள்ளி, பர்கூர், கிருஷ்ணகிரி.
பாகம் – 87	:	ரா.ஆனந்தகுமார், 2/56, அழகியபுதூர், பாலிநாயனப்பள்ளி, பர்கூர், கிருஷ்ணகிரி.
பாகம் – 88	:	மோ.ஸ்ரீமிரதிஷ், 2/91, மிட்டப்பள்ளி, பாலிநாயனப்பள்ளி, பர்கூர், கிருஷ்ணகிரி.
பாலேப்பள்ளி ஊராட்சி
ராம்நகர் கிளை

அமைப்பாளர் : வெ.சிவீனிவாசன், 1/128 பாலேப்பள்ளி, ராம்நகர், பர்கூர், கிருஷ்ணகிரி.

துணை அமைப்பாளர்கள் : (1) கி.அருண்குமார், 1/137, பாலேப்பள்ளி, ராம்நகர், பர்கூர், கிருஷ்ணகிரி. (2) மு.வினோத், 1/139 பாலேப்பள்ளி, ராம்நகர், பர்கூர், கிருஷ்ணகிரி. (3) மு.விக்ரம், 1/147 பாலேப்பள்ளி, ராம்நகர், பர்கூர், கிருஷ்ணகிரி.

எலத்தகிரி கிளை

அமைப்பாளர் : ல.பிரபு, 177, நடுவீதி, எலத்தகிரி, பர்கூர், கிருஷ்ணகிரி.

துணை அமைப்பாளர்கள் : (1) பொ.சகாயஆரோக்கியராஜ், 1/189, நடுவீதி, எலத்தகிரி, பர்கூர், கிருஷ்ணகிரி. (2) மு.சிரஞ்சீவி, 6/2, நடுவீதி, எலத்தகிரி, பர்கூர், கிருஷ்ணகிரி.

கருணைதோட்டம் கிளை

அமைப்பாளர் : ஜெ.ஜெகத்பாபு, 1/221, வெண்ணம்பள்ளி, பாலேப்பள்ளி, பர்கூர், கிருஷ்ணகிரி.

துணை அமைப்பாளர்கள் : (1) வ.சண்முகம், 1/275, வெண்ணம் பள்ளி, பாலேப்பள்ளி, பர்கூர், கிருஷ்ணகிரி. (2) க.முருகன், 1/391, மாதனகுப்பம், பாலேப்பள்ளி, பர்கூர், கிருஷ்ணகிரி.

மாதனகுப்பம் கிளை

அமைப்பாளர் : இ.மணிகண்டன், 1/307, மாதனகுப்பம், பாலேப்பள்ளி, பர்கூர், கிருஷ்ணகிரி.

துணை அமைப்பாளர்கள் : (1) மு.ரவியா, 131 – 45, மாதனகுப்பம், பாலேப்பள்ளி, பர்கூர், கிருஷ்ணகிரி. (2) செ.பிரதீப், 1/325, மாதனகுப்பம், பாலேப்பள்ளி, பர்கூர், கிருஷ்ணகிரி.

சாகாயபுரம் கிளை

அமைப்பாளர் : அ.ஜோன், 1/90, சாகாயபுரம், எலத்தகிரி, பர்கூர், கிருஷ்ணகிரி, பர்கூர், கிருஷ்ணகிரி.

23
